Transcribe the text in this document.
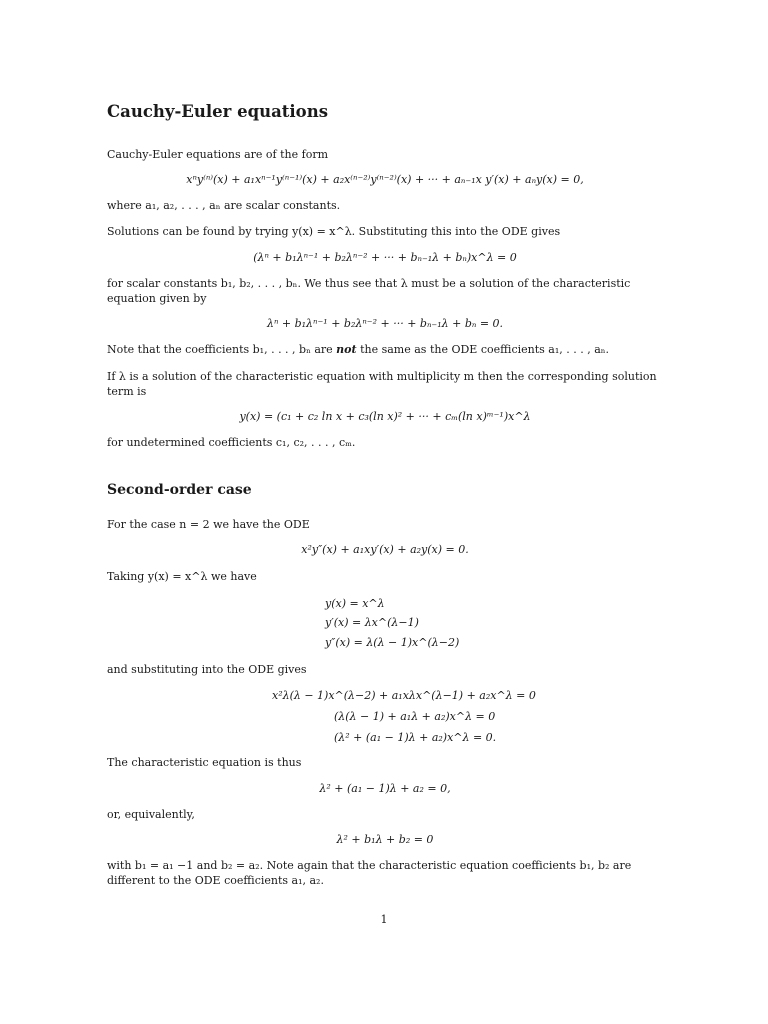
Cauchy-Euler equations

Cauchy-Euler equations are of the form

xⁿy⁽ⁿ⁾(x) + a₁xⁿ⁻¹y⁽ⁿ⁻¹⁾(x) + a₂x⁽ⁿ⁻²⁾y⁽ⁿ⁻²⁾(x) + ··· + aₙ₋₁x y′(x) + aₙy(x) = 0,

where a₁, a₂, . . . , aₙ are scalar constants.

Solutions can be found by trying y(x) = x^λ. Substituting this into the ODE gives

(λⁿ + b₁λⁿ⁻¹ + b₂λⁿ⁻² + ··· + bₙ₋₁λ + bₙ)x^λ = 0

for scalar constants b₁, b₂, . . . , bₙ. We thus see that λ must be a solution of the characteristic equation given by

λⁿ + b₁λⁿ⁻¹ + b₂λⁿ⁻² + ··· + bₙ₋₁λ + bₙ = 0.

Note that the coefficients b₁, . . . , bₙ are not the same as the ODE coefficients a₁, . . . , aₙ.

If λ is a solution of the characteristic equation with multiplicity m then the corresponding solution term is

y(x) = (c₁ + c₂ ln x + c₃(ln x)² + ··· + cₘ(ln x)ᵐ⁻¹)x^λ

for undetermined coefficients c₁, c₂, . . . , cₘ.

Second-order case

For the case n = 2 we have the ODE

x²y″(x) + a₁xy′(x) + a₂y(x) = 0.

Taking y(x) = x^λ we have

y(x) = x^λ
y′(x) = λx^(λ−1)
y″(x) = λ(λ − 1)x^(λ−2)

and substituting into the ODE gives

x²λ(λ − 1)x^(λ−2) + a₁xλx^(λ−1) + a₂x^λ = 0
(λ(λ − 1) + a₁λ + a₂)x^λ = 0
(λ² + (a₁ − 1)λ + a₂)x^λ = 0.

The characteristic equation is thus

λ² + (a₁ − 1)λ + a₂ = 0,

or, equivalently,

λ² + b₁λ + b₂ = 0

with b₁ = a₁ −1 and b₂ = a₂. Note again that the characteristic equation coefficients b₁, b₂ are different to the ODE coefficients a₁, a₂.

1
